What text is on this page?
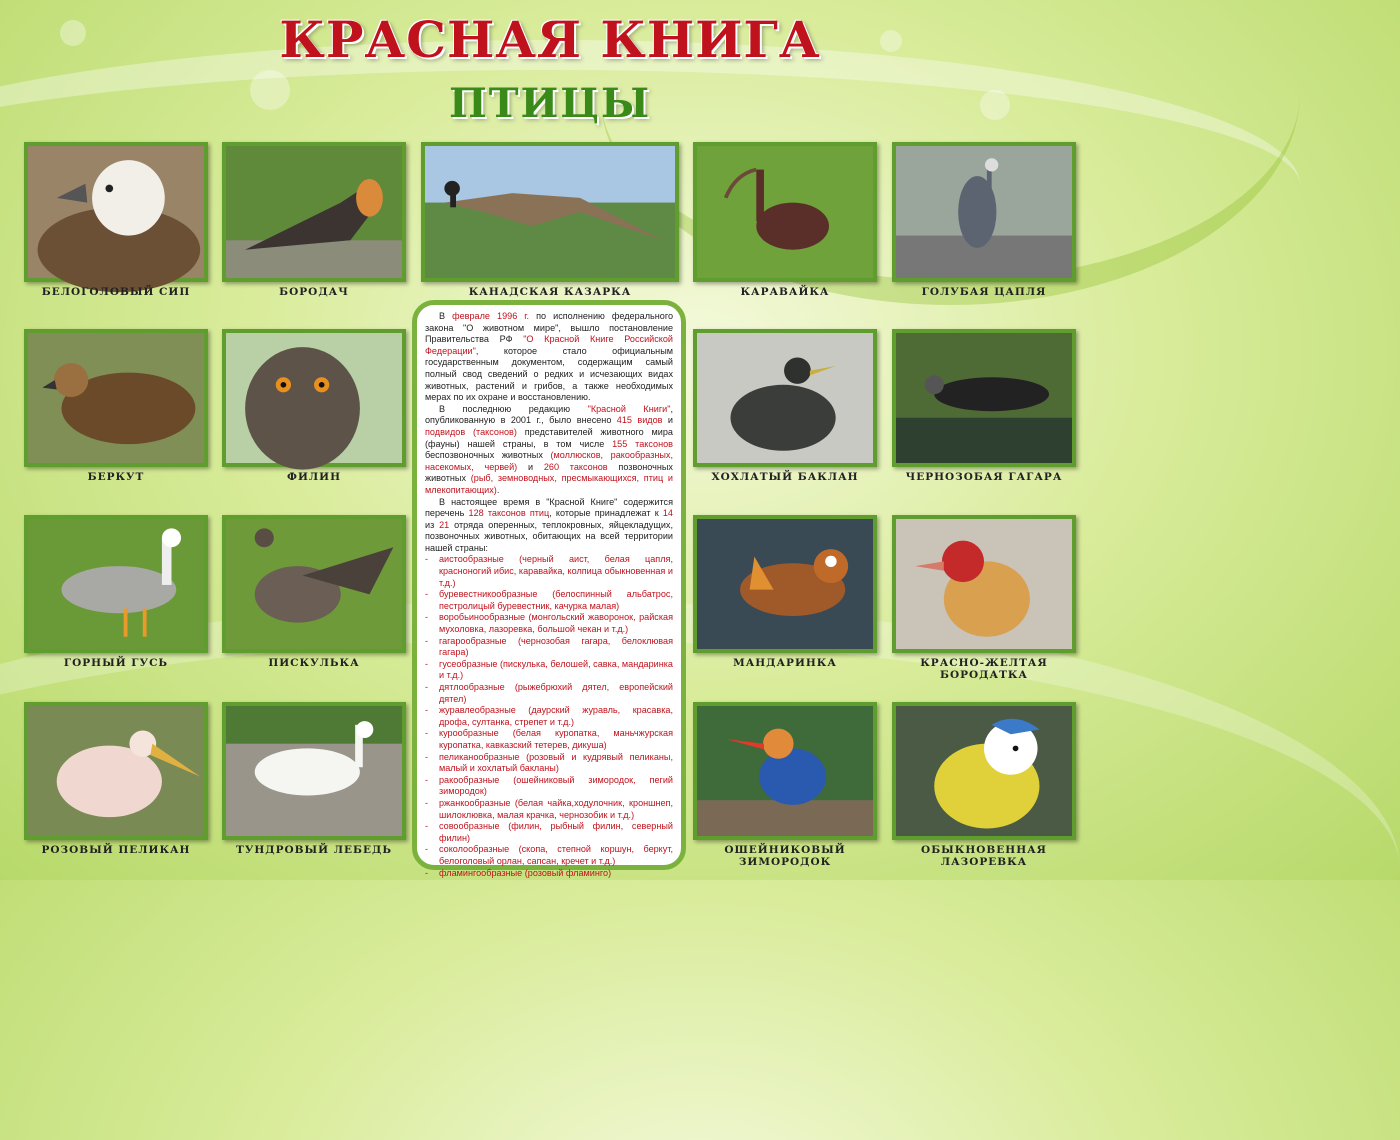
КРАСНАЯ КНИГА
ПТИЦЫ
БЕЛОГОЛОВЫЙ СИП	БОРОДАЧ	КАНАДСКАЯ КАЗАРКА	КАРАВАЙКА	ГОЛУБАЯ ЦАПЛЯ
БЕРКУТ	ФИЛИН	ХОХЛАТЫЙ БАКЛАН	ЧЕРНОЗОБАЯ ГАГАРА
ГОРНЫЙ ГУСЬ	ПИСКУЛЬКА	МАНДАРИНКА	КРАСНО-ЖЕЛТАЯ БОРОДАТКА
РОЗОВЫЙ ПЕЛИКАН	ТУНДРОВЫЙ ЛЕБЕДЬ	ОШЕЙНИКОВЫЙ ЗИМОРОДОК
ОБЫКНОВЕННАЯ ЛАЗОРЕВКА

В феврале 1996 г. по исполнению федерального закона "О животном мире", вышло постановление Правительства РФ "О Красной Книге Российской Федерации", которое стало официальным государственным документом, содержащим самый полный свод сведений о редких и исчезающих видах животных, растений и грибов, а также необходимых мерах по их охране и восстановлению.

В последнюю редакцию "Красной Книги", опубликованную в 2001 г., было внесено 415 видов и подвидов (таксонов) представителей животного мира (фауны) нашей страны, в том числе 155 таксонов беспозвоночных животных (моллюсков, ракообразных, насекомых, червей) и 260 таксонов позвоночных животных (рыб, земноводных, пресмыкающихся, птиц и млекопитающих).

В настоящее время в "Красной Книге" содержится перечень 128 таксонов птиц, которые принадлежат к 14 из 21 отряда оперенных, теплокровных, яйцекладущих, позвоночных животных, обитающих на всей территории нашей страны:

-	аистообразные (черный аист, белая цапля, красноногий ибис, каравайка, колпица обыкновенная и т.д.)
-	буревестникообразные (белоспинный альбатрос, пестролицый буревестник, качурка малая)
-	воробьинообразные (монгольский жаворонок, райская мухоловка, лазоревка, большой чекан и т.д.)
-	гагарообразные (чернозобая гагара, белоклювая гагара)
-	гусеобразные (пискулька, белошей, савка, мандаринка и т.д.)
-	дятлообразные (рыжебрюхий дятел, европейский дятел)
-	журавлеобразные (даурский журавль, красавка, дрофа, султанка, стрепет и т.д.)
-	курообразные (белая куропатка, маньчжурская куропатка, кавказский тетерев, дикуша)
-	пеликанообразные (розовый и кудрявый пеликаны, малый и хохлатый бакланы)
-	ракообразные (ошейниковый зимородок, пегий зимородок)
-	ржанкообразные (белая чайка,ходулочник, кроншнеп, шилоклювка, малая крачка, чернозобик и т.д.)
-	совообразные (филин, рыбный филин, северный филин)
-	соколообразные (скопа, степной коршун, беркут, белоголовый орлан, сапсан, кречет и т.д.)
-	фламингообразные (розовый фламинго)
